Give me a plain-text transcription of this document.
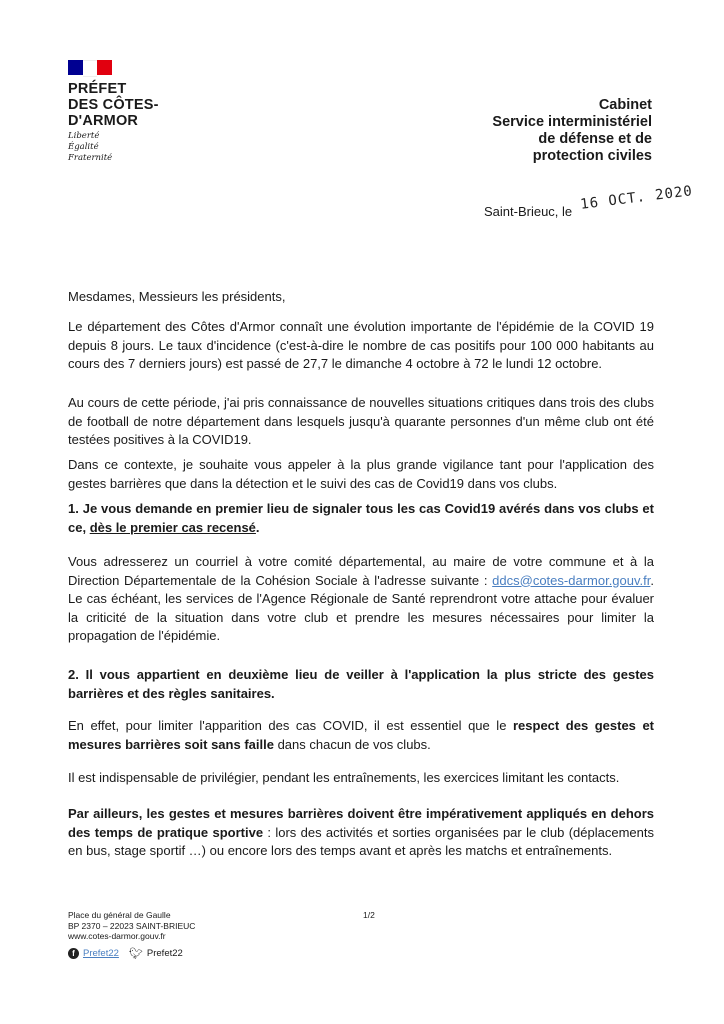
PRÉFET
DES CÔTES-
D'ARMOR
Liberté
Égalité
Fraternité
Cabinet
Service interministériel
de défense et de
protection civiles
Saint-Brieuc, le 16 OCT. 2020

Mesdames, Messieurs les présidents,

Le département des Côtes d'Armor connaît une évolution importante de l'épidémie de la COVID 19 depuis 8 jours. Le taux d'incidence (c'est-à-dire le nombre de cas positifs pour 100 000 habitants au cours des 7 derniers jours) est passé de 27,7 le dimanche 4 octobre à 72 le lundi 12 octobre.

Au cours de cette période, j'ai pris connaissance de nouvelles situations critiques dans trois des clubs de football de notre département dans lesquels jusqu'à quarante personnes d'un même club ont été testées positives à la COVID19.

Dans ce contexte, je souhaite vous appeler à la plus grande vigilance tant pour l'application des gestes barrières que dans la détection et le suivi des cas de Covid19 dans vos clubs.

1. Je vous demande en premier lieu de signaler tous les cas Covid19 avérés dans vos clubs et ce, dès le premier cas recensé.

Vous adresserez un courriel à votre comité départemental, au maire de votre commune et à la Direction Départementale de la Cohésion Sociale à l'adresse suivante : ddcs@cotes-darmor.gouv.fr. Le cas échéant, les services de l'Agence Régionale de Santé reprendront votre attache pour évaluer la criticité de la situation dans votre club et prendre les mesures nécessaires pour limiter la propagation de l'épidémie.

2. Il vous appartient en deuxième lieu de veiller à l'application la plus stricte des gestes barrières et des règles sanitaires.

En effet, pour limiter l'apparition des cas COVID, il est essentiel que le respect des gestes et mesures barrières soit sans faille dans chacun de vos clubs.

Il est indispensable de privilégier, pendant les entraînements, les exercices limitant les contacts.

Par ailleurs, les gestes et mesures barrières doivent être impérativement appliqués en dehors des temps de pratique sportive : lors des activités et sorties organisées par le club (déplacements en bus, stage sportif …) ou encore lors des temps avant et après les matchs et entraînements.

Place du général de Gaulle
BP 2370 – 22023 SAINT-BRIEUC
www.cotes-darmor.gouv.fr
1/2
f Prefet22 🐦︎ Prefet22
